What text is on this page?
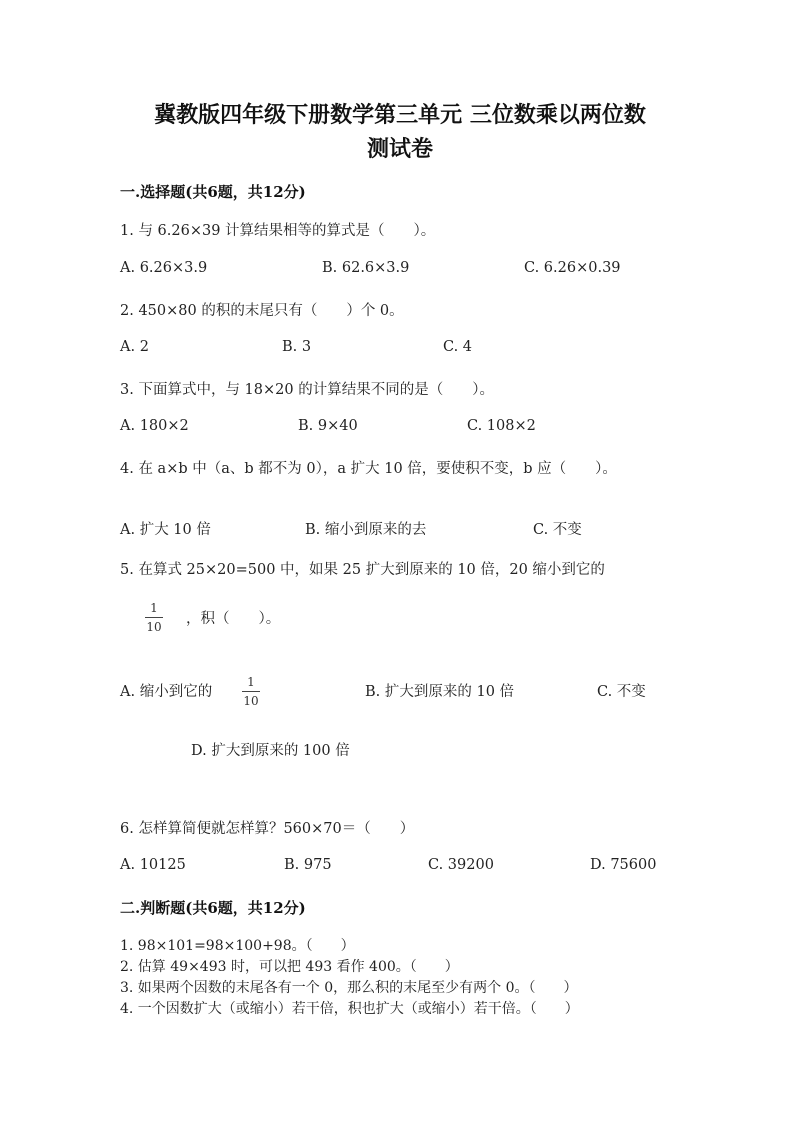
冀教版四年级下册数学第三单元 三位数乘以两位数
测试卷
一.选择题(共6题，共12分)
1. 与 6.26×39 计算结果相等的算式是（　　）。
A. 6.26×3.9	B. 62.6×3.9	C. 6.26×0.39
2. 450×80 的积的末尾只有（　　）个 0。
A. 2	B. 3	C. 4
3. 下面算式中，与 18×20 的计算结果不同的是（　　）。
A. 180×2	B. 9×40	C. 108×2
4. 在 a×b 中（a、b 都不为 0），a 扩大 10 倍，要使积不变，b 应（　　）。
A. 扩大 10 倍	B. 缩小到原来的去	C. 不变
5. 在算式 25×20=500 中，如果 25 扩大到原来的 10 倍，20 缩小到它的
1
10 ，积（　　）。
A. 缩小到它的
1
10
B. 扩大到原来的 10 倍	C. 不变
D. 扩大到原来的 100 倍
6. 怎样算简便就怎样算？560×70＝（　　）
A. 10125	B. 975	C. 39200	D. 75600
二.判断题(共6题，共12分)
1. 98×101=98×100+98。（　　）
2. 估算 49×493 时，可以把 493 看作 400。（　　）
3. 如果两个因数的末尾各有一个 0，那么积的末尾至少有两个 0。（　　）
4. 一个因数扩大（或缩小）若干倍，积也扩大（或缩小）若干倍。（　　）
